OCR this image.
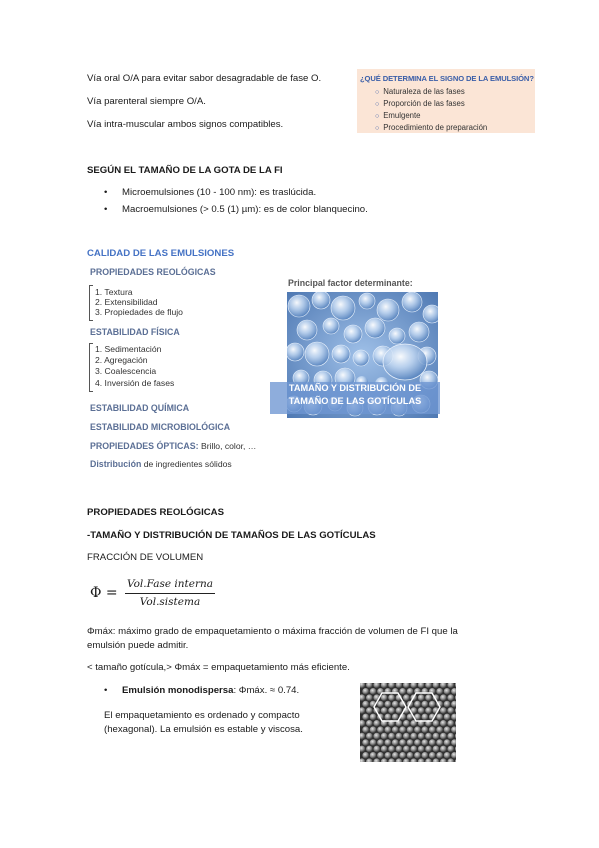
Vía oral O/A para evitar sabor desagradable de fase O.
Vía parenteral siempre O/A.
Vía intra-muscular ambos signos compatibles.
¿QUÉ DETERMINA EL SIGNO DE LA EMULSIÓN?
○ Naturaleza de las fases
○ Proporción de las fases
○ Emulgente
○ Procedimiento de preparación
SEGÚN EL TAMAÑO DE LA GOTA DE LA FI
• Microemulsiones (10 - 100 nm): es traslúcida.
• Macroemulsiones (> 0.5 (1) µm): es de color blanquecino.
CALIDAD DE LAS EMULSIONES
PROPIEDADES REOLÓGICAS
1. Textura
2. Extensibilidad
3. Propiedades de flujo
ESTABILIDAD FÍSICA
1. Sedimentación
2. Agregación
3. Coalescencia
4. Inversión de fases
ESTABILIDAD QUÍMICA
ESTABILIDAD MICROBIOLÓGICA
PROPIEDADES ÓPTICAS: Brillo, color, …
Distribución de ingredientes sólidos
Principal factor determinante:
TAMAÑO Y DISTRIBUCIÓN DE
TAMAÑO DE LAS GOTÍCULAS
PROPIEDADES REOLÓGICAS
-TAMAÑO Y DISTRIBUCIÓN DE TAMAÑOS DE LAS GOTÍCULAS
FRACCIÓN DE VOLUMEN
Φ =
Vol.Fase interna
Vol.sistema
Φmáx: máximo grado de empaquetamiento o máxima fracción de volumen de FI que la
emulsión puede admitir.
< tamaño gotícula,> Φmáx = empaquetamiento más eficiente.
• Emulsión monodispersa: Φmáx. ≈ 0.74.
El empaquetamiento es ordenado y compacto
(hexagonal). La emulsión es estable y viscosa.
